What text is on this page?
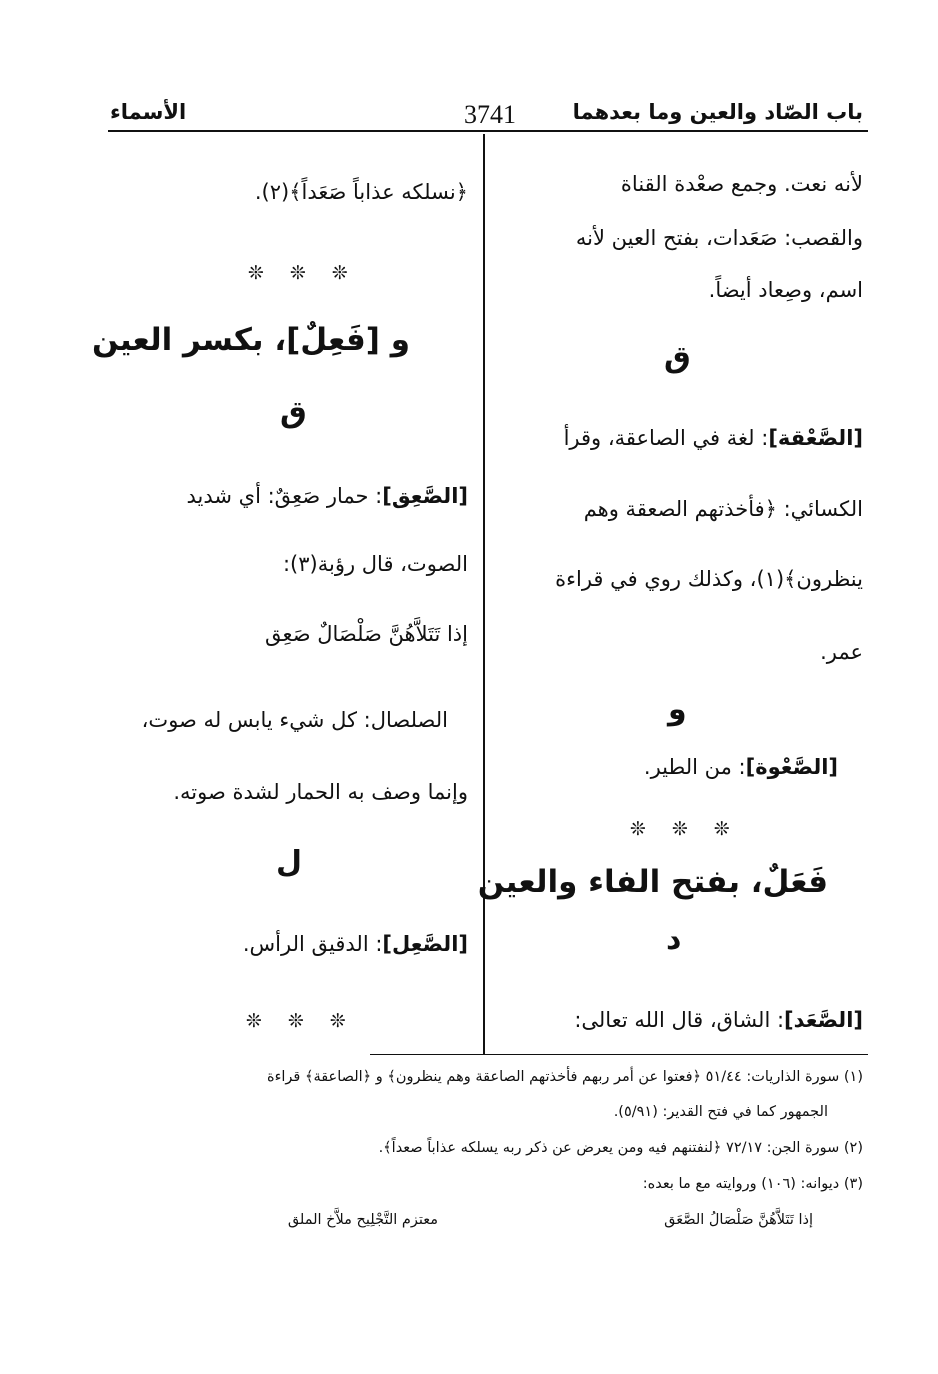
باب الصّاد والعين وما بعدهما
3741
الأسماء
لأنه نعت. وجمع صعْدة القناة
والقصب: صَعَدات، بفتح العين لأنه
اسم، وصِعاد أيضاً.
ق
[الصَّعْقة]: لغة في الصاعقة، وقرأ
الكسائي: ﴿فأخذتهم الصعقة وهم
ينظرون﴾(١)، وكذلك روي في قراءة
عمر.
و
[الصَّعْوة]: من الطير.
❊ ❊ ❊
فَعَلٌ، بفتح الفاء والعين
د
[الصَّعَد]: الشاق، قال الله تعالى:
﴿نسلكه عذاباً صَعَداً﴾(٢).
❊ ❊ ❊
و [فَعِلٌ]، بكسر العين
ق
[الصَّعِق]: حمار صَعِقٌ: أي شديد
الصوت، قال رؤبة(٣):
إذا تَتَلاَّهُنَّ صَلْصَالٌ صَعِق
الصلصال: كل شيء يابس له صوت،
وإنما وصف به الحمار لشدة صوته.
ل
[الصَّعِل]: الدقيق الرأس.
❊ ❊ ❊
(١) سورة الذاريات: ٥١/٤٤ ﴿فعتوا عن أمر ربهم فأخذتهم الصاعقة وهم ينظرون﴾ و ﴿الصاعقة﴾ قراءة
الجمهور كما في فتح القدير: (٥/٩١).
(٢) سورة الجن: ٧٢/١٧ ﴿لنفتنهم فيه ومن يعرض عن ذكر ربه يسلكه عذاباً صعداً﴾.
(٣) ديوانه: (١٠٦) وروايته مع ما بعده:
إذا تَتَلاَّهُنَّ صَلْصَالُ الصَّعَق
معتزم التَّجْلِيح ملاَّخ الملق
